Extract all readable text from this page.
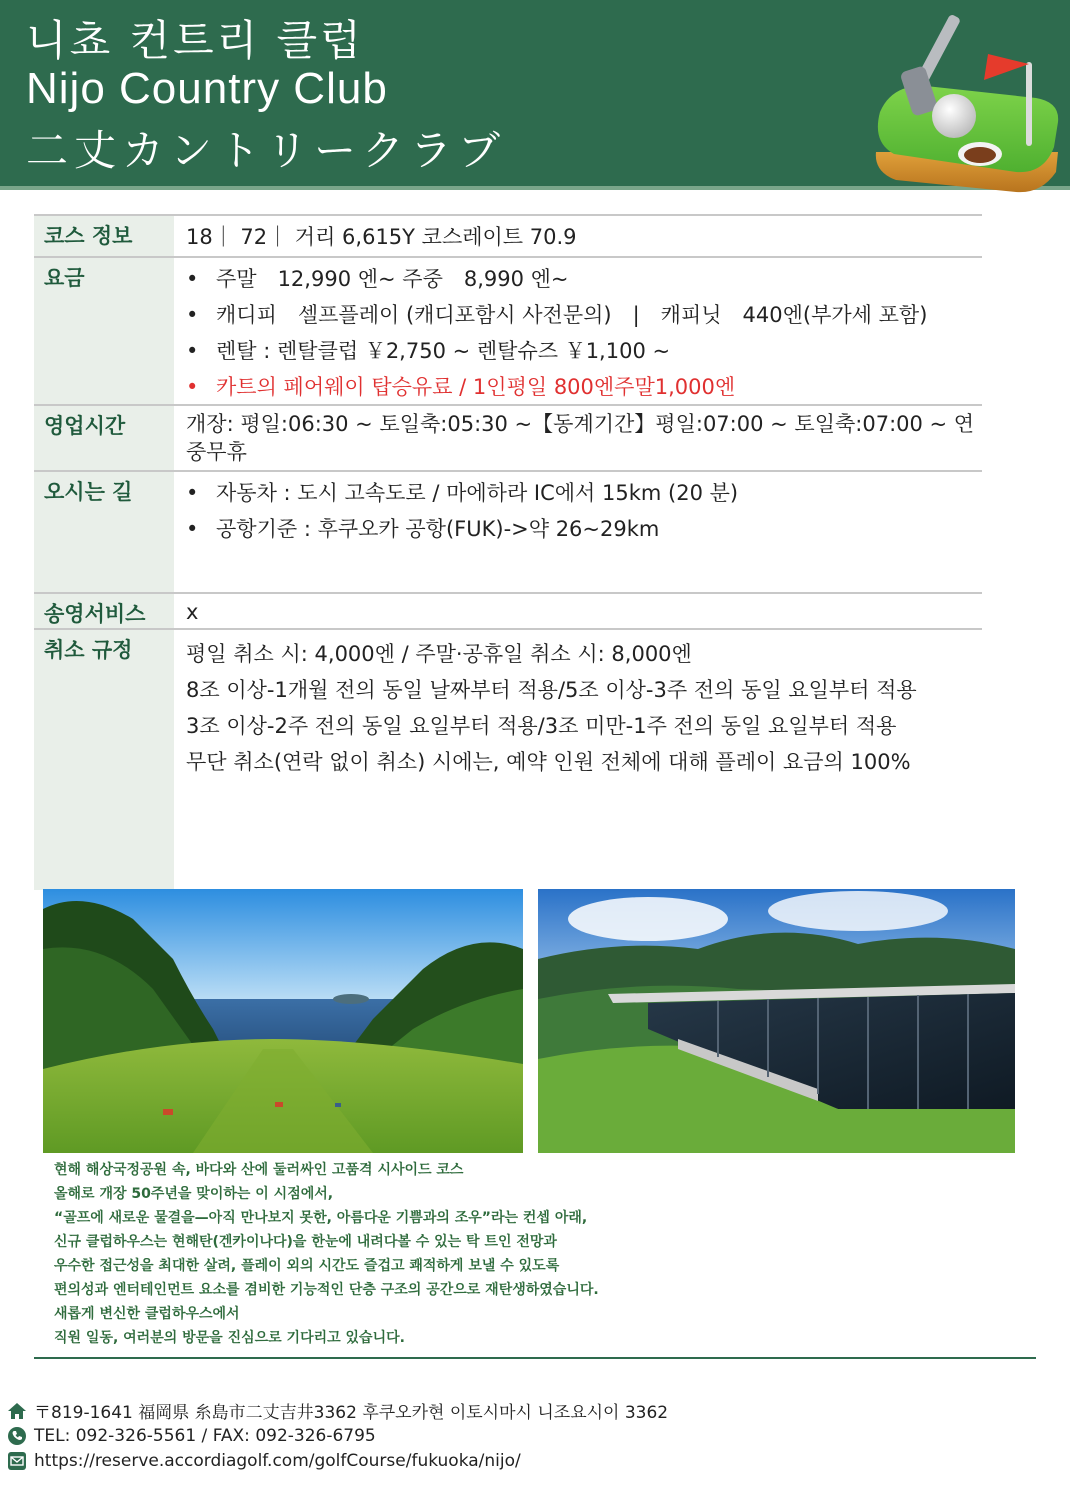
니쵸 컨트리 클럽
Nijo Country Club
二丈カントリークラブ
코스 정보	18｜ 72｜ 거리 6,615Y 코스레이트 70.9
요금	• 주말　12,990 엔~ 주중　8,990 엔~
• 캐디피　셀프플레이 (캐디포함시 사전문의)　|　캐피닛　440엔(부가세 포함)
• 렌탈 : 렌탈클럽 ￥2,750 ~ 렌탈슈즈 ￥1,100 ~
• 카트의 페어웨이 탑승유료 / 1인평일 800엔주말1,000엔
영업시간	개장: 평일:06:30 ~ 토일축:05:30 ~【동계기간】평일:07:00 ~ 토일축:07:00 ~ 연중무휴
오시는 길	• 자동차 : 도시 고속도로 / 마에하라 IC에서 15km (20 분)
• 공항기준 : 후쿠오카 공항(FUK)->약 26~29km
송영서비스	x
취소 규정	평일 취소 시: 4,000엔 / 주말·공휴일 취소 시: 8,000엔

8조 이상-1개월 전의 동일 날짜부터 적용/5조 이상-3주 전의 동일 요일부터 적용

3조 이상-2주 전의 동일 요일부터 적용/3조 미만-1주 전의 동일 요일부터 적용

무단 취소(연락 없이 취소) 시에는, 예약 인원 전체에 대해 플레이 요금의 100%

현해 해상국정공원 속, 바다와 산에 둘러싸인 고품격 시사이드 코스

올해로 개장 50주년을 맞이하는 이 시점에서,

“골프에 새로운 물결을—아직 만나보지 못한, 아름다운 기쁨과의 조우”라는 컨셉 아래,

신규 클럽하우스는 현해탄(겐카이나다)을 한눈에 내려다볼 수 있는 탁 트인 전망과

우수한 접근성을 최대한 살려, 플레이 외의 시간도 즐겁고 쾌적하게 보낼 수 있도록

편의성과 엔터테인먼트 요소를 겸비한 기능적인 단층 구조의 공간으로 재탄생하였습니다.

새롭게 변신한 클럽하우스에서

직원 일동, 여러분의 방문을 진심으로 기다리고 있습니다.

〒819-1641 福岡県 糸島市二丈吉井3362 후쿠오카현 이토시마시 니조요시이 3362
TEL: 092-326-5561 / FAX: 092-326-6795
https://reserve.accordiagolf.com/golfCourse/fukuoka/nijo/
